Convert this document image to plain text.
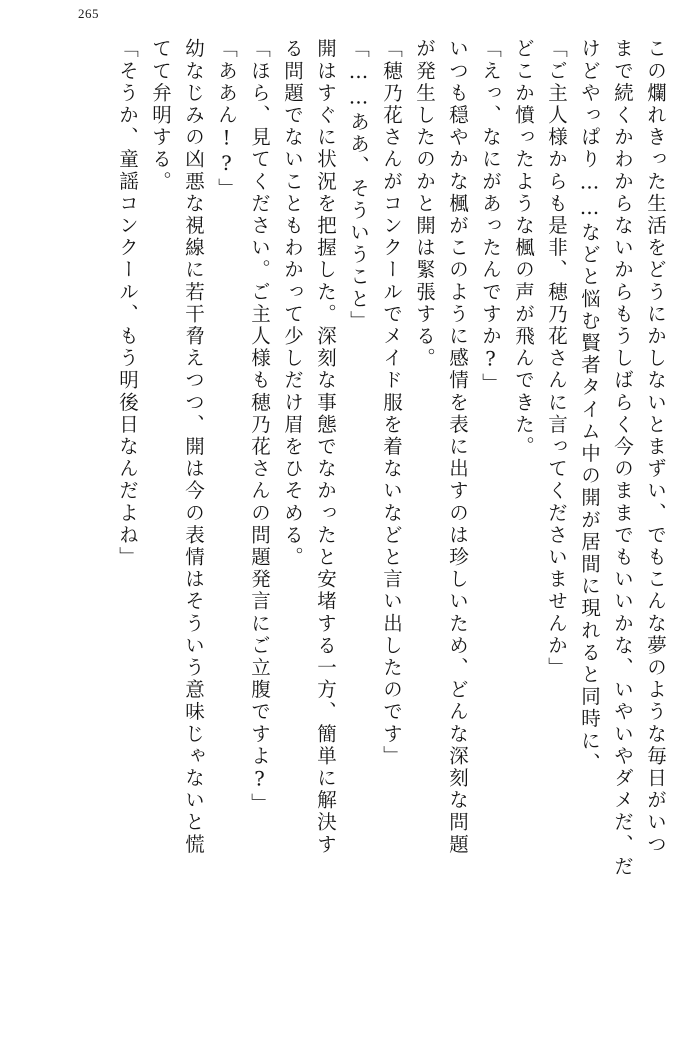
265
この爛れきった生活をどうにかしないとまずい、でもこんな夢のような毎日がいつ
まで続くかわからないからもうしばらく今のままでもいいかな、いやいやダメだ、だ
けどやっぱり……などと悩む賢者タイム中の開が居間に現れると同時に、
「ご主人様からも是非、穂乃花さんに言ってくださいませんか」
どこか憤ったような楓の声が飛んできた。
「えっ、なにがあったんですか?」
いつも穏やかな楓がこのように感情を表に出すのは珍しいため、どんな深刻な問題
が発生したのかと開は緊張する。
「穂乃花さんがコンクールでメイド服を着ないなどと言い出したのです」
「……ああ、そういうこと」
開はすぐに状況を把握した。深刻な事態でなかったと安堵する一方、簡単に解決す
る問題でないこともわかって少しだけ眉をひそめる。
「ほら、見てください。ご主人様も穂乃花さんの問題発言にご立腹ですよ?」
「ああん!?」
幼なじみの凶悪な視線に若干脅えつつ、開は今の表情はそういう意味じゃないと慌
てて弁明する。
「そうか、童謡コンクール、もう明後日なんだよね」
